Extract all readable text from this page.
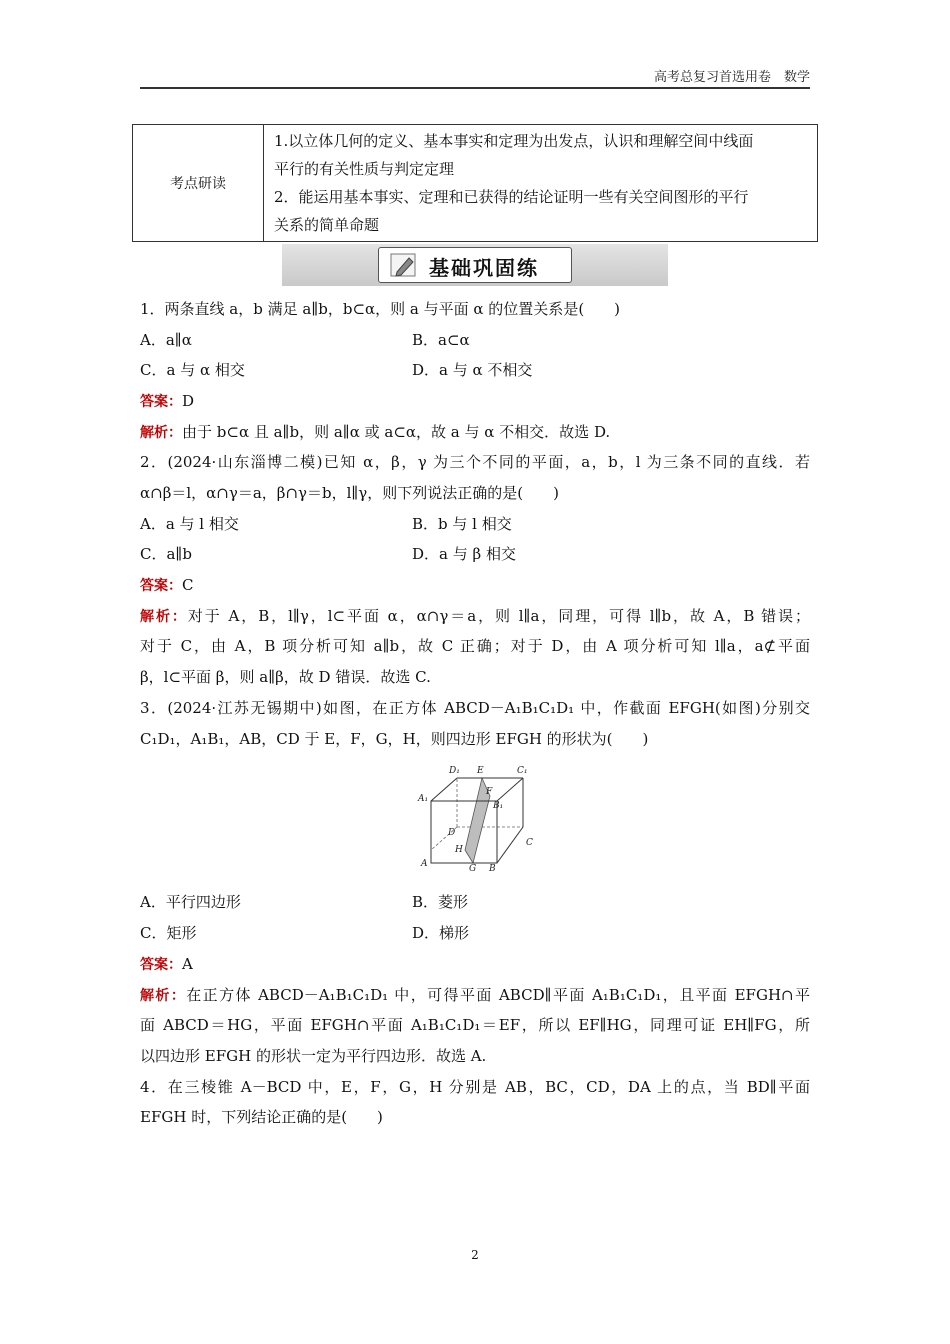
高考总复习首选用卷　数学
考点研读	
1.以立体几何的定义、基本事实和定理为出发点，认识和理解空间中线面
平行的有关性质与判定定理
2．能运用基本事实、定理和已获得的结论证明一些有关空间图形的平行
关系的简单命题
基础巩固练
1．两条直线 a，b 满足 a∥b，b⊂α，则 a 与平面 α 的位置关系是(　　)
A．a∥α	B．a⊂α
C．a 与 α 相交	D．a 与 α 不相交
答案：D
解析：由于 b⊂α 且 a∥b，则 a∥α 或 a⊂α，故 a 与 α 不相交．故选 D.
2．(2024·山东淄博二模)已知 α，β，γ 为三个不同的平面，a，b，l 为三条不同的直线．若
α∩β＝l，α∩γ＝a，β∩γ＝b，l∥γ，则下列说法正确的是(　　)
A．a 与 l 相交	B．b 与 l 相交
C．a∥b	D．a 与 β 相交
答案：C
解析：对于 A，B，l∥γ，l⊂平面 α，α∩γ＝a，则 l∥a，同理，可得 l∥b，故 A，B 错误；
对于 C，由 A，B 项分析可知 a∥b，故 C 正确；对于 D，由 A 项分析可知 l∥a，a⊄平面
β，l⊂平面 β，则 a∥β，故 D 错误．故选 C.
3．(2024·江苏无锡期中)如图，在正方体 ABCD－A₁B₁C₁D₁ 中，作截面 EFGH(如图)分别交
C₁D₁，A₁B₁，AB，CD 于 E，F，G，H，则四边形 EFGH 的形状为(　　)
D₁ E	C₁
A₁
F
B₁
D
C
H
A	G B
A．平行四边形	B．菱形
C．矩形	D．梯形
答案：A
解析：在正方体 ABCD－A₁B₁C₁D₁ 中，可得平面 ABCD∥平面 A₁B₁C₁D₁，且平面 EFGH∩平
面 ABCD＝HG，平面 EFGH∩平面 A₁B₁C₁D₁＝EF，所以 EF∥HG，同理可证 EH∥FG，所
以四边形 EFGH 的形状一定为平行四边形．故选 A.
4．在三棱锥 A－BCD 中，E，F，G，H 分别是 AB，BC，CD，DA 上的点，当 BD∥平面
EFGH 时，下列结论正确的是(　　)
2
